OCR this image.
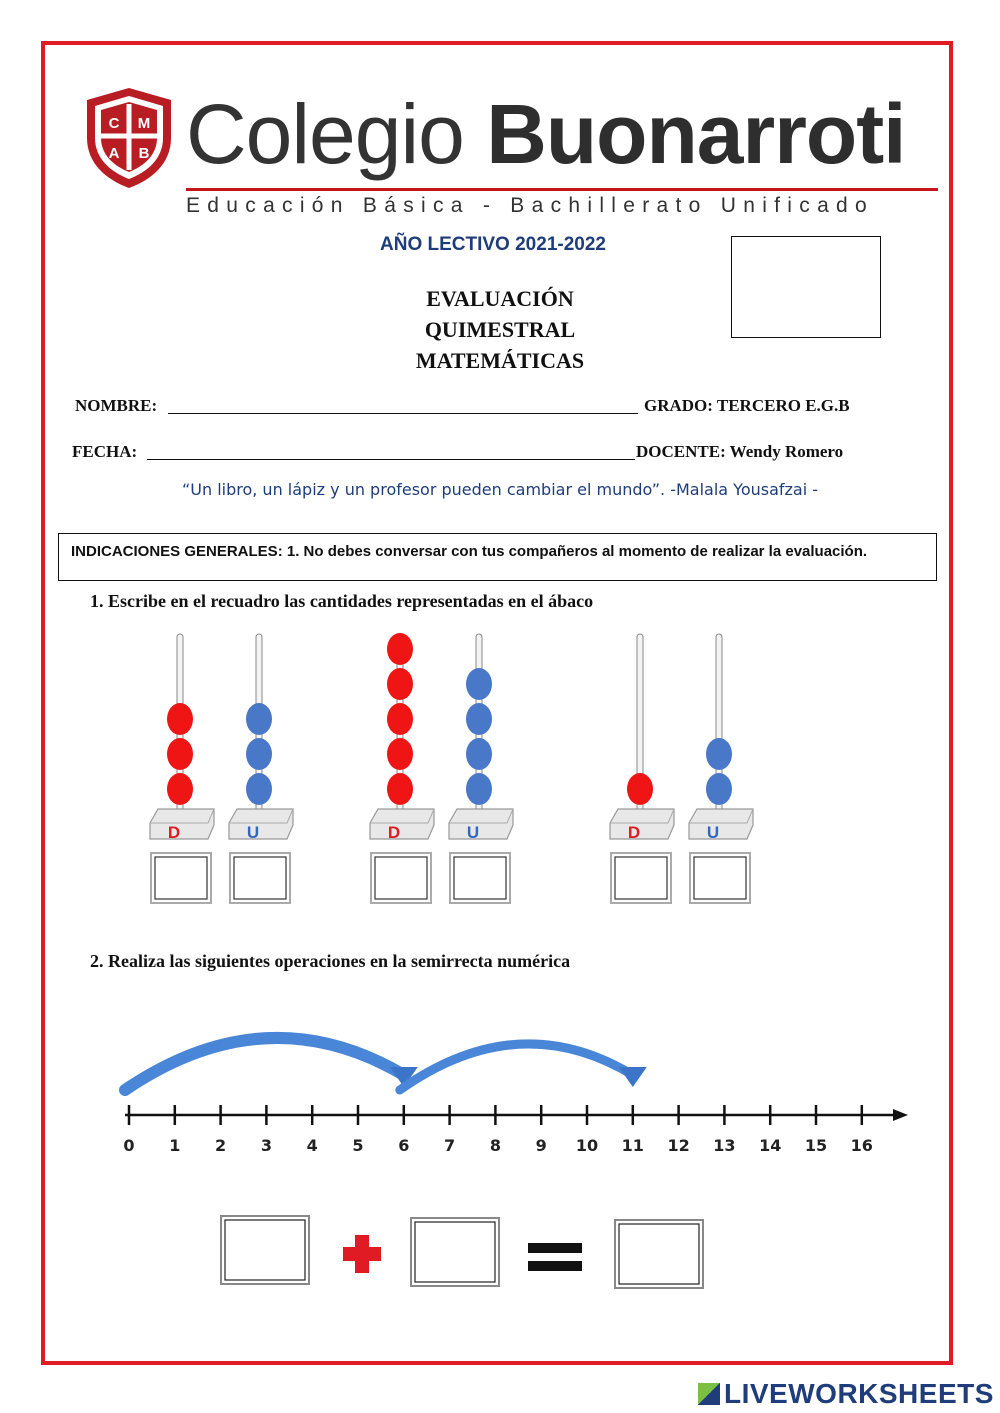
C M
A B Colegio Buonarroti
Educación Básica - Bachillerato Unificado
AÑO LECTIVO 2021-2022
EVALUACIÓN
QUIMESTRAL
MATEMÁTICAS
NOMBRE:	GRADO: TERCERO E.G.B
FECHA:	DOCENTE: Wendy Romero
“Un libro, un lápiz y un profesor pueden cambiar el mundo”. -Malala Yousafzai -
INDICACIONES GENERALES: 1. No debes conversar con tus compañeros al momento de realizar la evaluación.
1. Escribe en el recuadro las cantidades representadas en el ábaco
D	U	D	U	D	U
2. Realiza las siguientes operaciones en la semirrecta numérica
0 1 2 3 4 5 6 7 8 9 10 11 12 13 14 15 16
LIVEWORKSHEETS
